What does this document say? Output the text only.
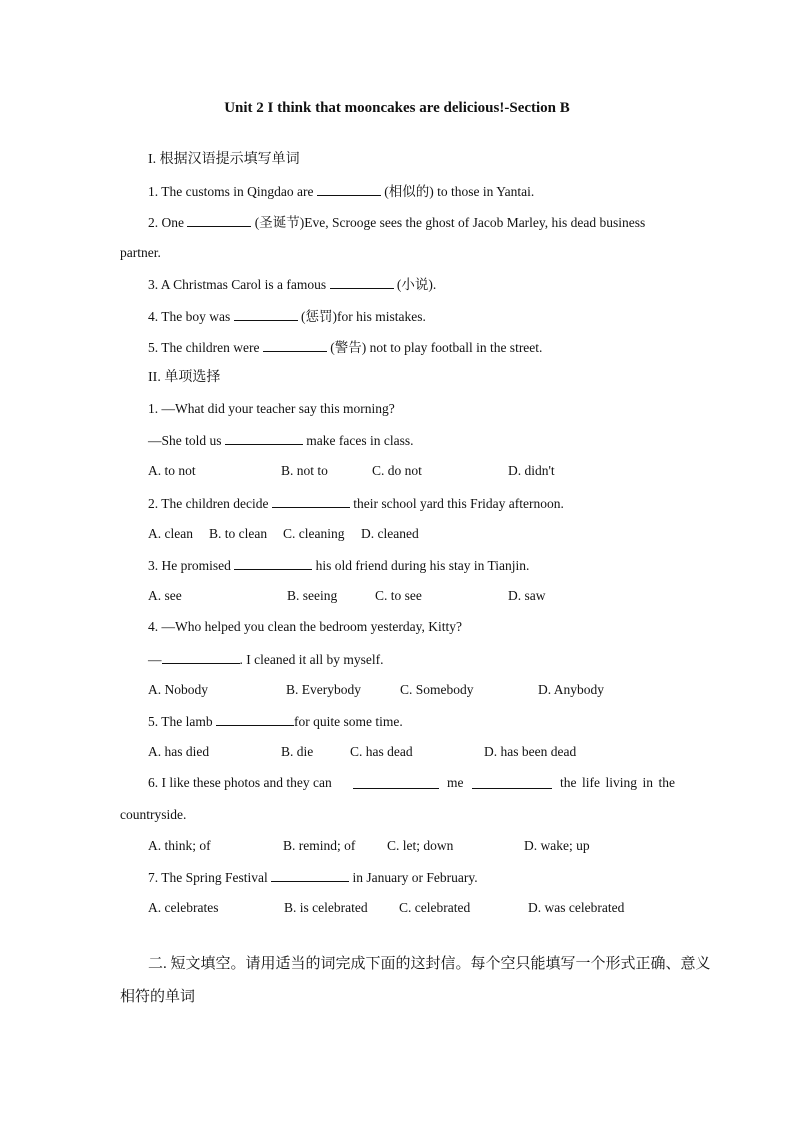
Unit 2 I think that mooncakes are delicious!-Section B
I. 根据汉语提示填写单词
1. The customs in Qingdao are	(相似的) to those in Yantai.
2. One	(圣诞节)Eve, Scrooge sees the ghost of Jacob Marley, his dead business
partner.
3. A Christmas Carol is a famous	(小说).
4. The boy was	(惩罚)for his mistakes.
5. The children were	(警告) not to play football in the street.
II. 单项选择
1. —What did your teacher say this morning?
—She told us	make faces in class.
A. to not	B. not to	C. do not	D. didn't
2. The children decide	their school yard this Friday afternoon.
A. clean B. to clean C. cleaning D. cleaned
3. He promised	his old friend during his stay in Tianjin.
A. see	B. seeing	C. to see	D. saw
4. —Who helped you clean the bedroom yesterday, Kitty?
—	. I cleaned it all by myself.
A. Nobody	B. Everybody	C. Somebody	D. Anybody
5. The lamb	for quite some time.
A. has died	B. die	C. has dead	D. has been dead
6. I like these photos and they can	me	the life living in the
countryside.
A. think; of	B. remind; of C. let; down	D. wake; up
7. The Spring Festival	in January or February.
A. celebrates	B. is celebrated C. celebrated	D. was celebrated
二. 短文填空。请用适当的词完成下面的这封信。每个空只能填写一个形式正确、意义
相符的单词
